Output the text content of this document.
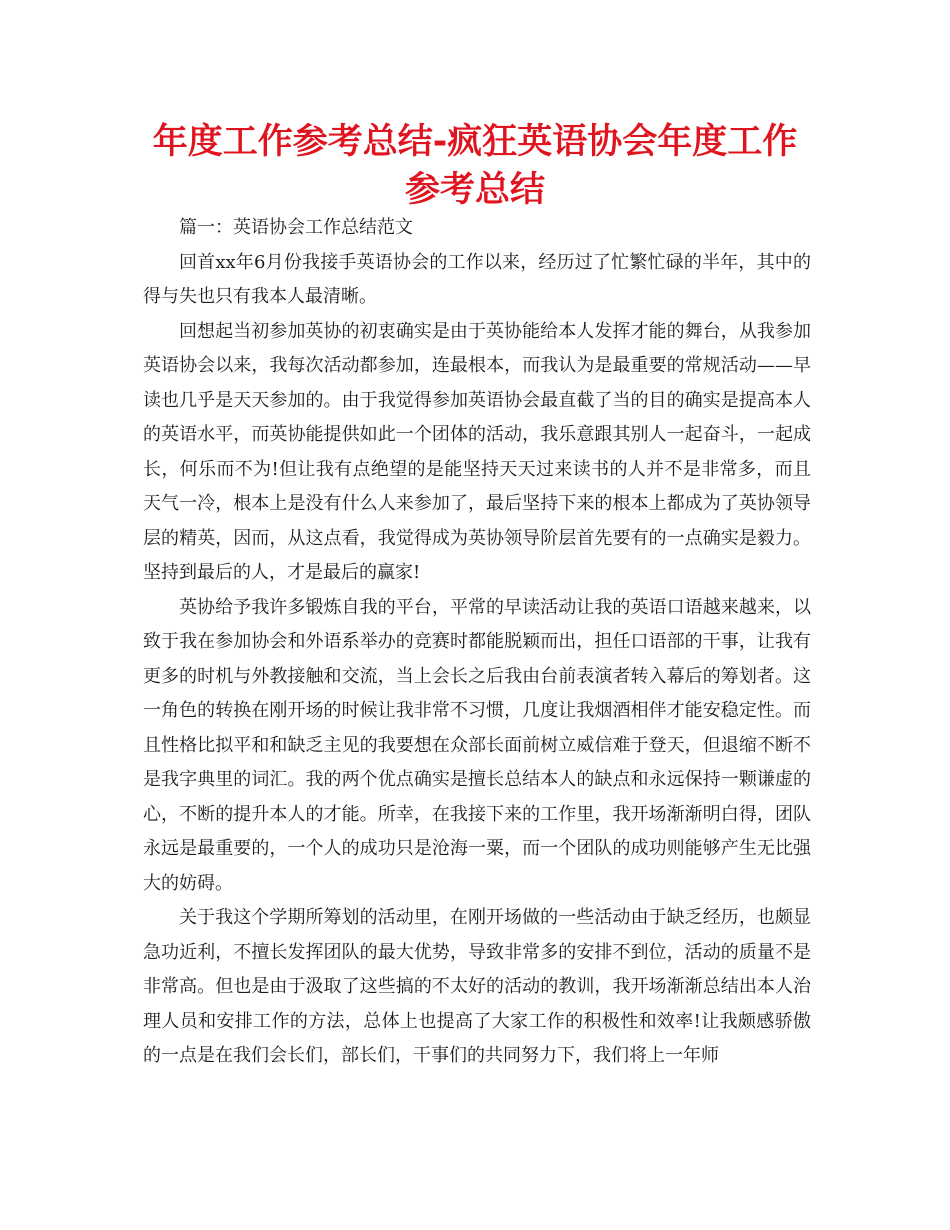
年度工作参考总结-疯狂英语协会年度工作参考总结

篇一：英语协会工作总结范文

回首xx年6月份我接手英语协会的工作以来，经历过了忙繁忙碌的半年，其中的得与失也只有我本人最清晰。

回想起当初参加英协的初衷确实是由于英协能给本人发挥才能的舞台，从我参加英语协会以来，我每次活动都参加，连最根本，而我认为是最重要的常规活动——早读也几乎是天天参加的。由于我觉得参加英语协会最直截了当的目的确实是提高本人的英语水平，而英协能提供如此一个团体的活动，我乐意跟其别人一起奋斗，一起成长，何乐而不为!但让我有点绝望的是能坚持天天过来读书的人并不是非常多，而且天气一冷，根本上是没有什么人来参加了，最后坚持下来的根本上都成为了英协领导层的精英，因而，从这点看，我觉得成为英协领导阶层首先要有的一点确实是毅力。坚持到最后的人，才是最后的赢家!

英协给予我许多锻炼自我的平台，平常的早读活动让我的英语口语越来越来，以致于我在参加协会和外语系举办的竞赛时都能脱颖而出，担任口语部的干事，让我有更多的时机与外教接触和交流，当上会长之后我由台前表演者转入幕后的筹划者。这一角色的转换在刚开场的时候让我非常不习惯，几度让我烟酒相伴才能安稳定性。而且性格比拟平和和缺乏主见的我要想在众部长面前树立威信难于登天，但退缩不断不是我字典里的词汇。我的两个优点确实是擅长总结本人的缺点和永远保持一颗谦虚的心，不断的提升本人的才能。所幸，在我接下来的工作里，我开场渐渐明白得，团队永远是最重要的，一个人的成功只是沧海一粟，而一个团队的成功则能够产生无比强大的妨碍。

关于我这个学期所筹划的活动里，在刚开场做的一些活动由于缺乏经历，也颇显急功近利，不擅长发挥团队的最大优势，导致非常多的安排不到位，活动的质量不是非常高。但也是由于汲取了这些搞的不太好的活动的教训，我开场渐渐总结出本人治理人员和安排工作的方法，总体上也提高了大家工作的积极性和效率!让我颇感骄傲的一点是在我们会长们，部长们，干事们的共同努力下，我们将上一年师
